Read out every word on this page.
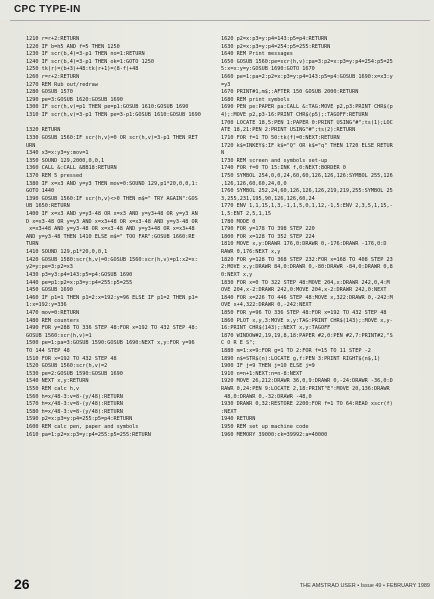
CPC TYPE-IN
1210 r=r+2:RETURN
1220 IF b=h5 AND f=5 THEN 1250
1230 IF scr(b,4)=3-p1 THEN no=1:RETURN
1240 IF scr(b,4)=3-p1 THEN ok=1:GOTO 1250
1250 tk(r)=(b+3)+48:tk(r+1)=(8-f)+48
1260 r=r+2:RETURN
1270 REM Rub out/redraw
1280 GOSUB 1570
1290 pe=3:GOSUB 1620:GOSUB 1690
1300 IF scr(h,v)=p1 THEN pe=p1:GOSUB 1610:GOSUB 1690
1310 IF scr(h,v)=3-p1 THEN pe=3-p1:GOSUB 1610:GOSUB 1690
1320 RETURN
1330 GOSUB 1560:IF scr(h,v)=0 OR scr(h,v)=3-p1 THEN RET
URN
1340 x3=x:y3=y:mov=1
1350 SOUND 129,2000,0,0,1
1360 CALL &:CALL &BB18:RETURN
1370 REM 5 pressed
1380 IF x=x3 AND y=y3 THEN mov=0:SOUND 129,p1*20,0,0,1:
GOTO 1440
1390 GOSUB 1560:IF scr(h,v)<>0 THEN m$=" TRY AGAIN":GOS
UB 1650:RETURN
1400 IF x=x3 AND y=y3-48 OR x=x3 AND y=y3+48 OR y=y3 AN
D x=x3-48 OR y=y3 AND x=x3+48 OR x=x3-48 AND y=y3-48 OR
x=x3+48 AND y=y3-48 OR x=x3-48 AND y=y3+48 OR x=x3+48
AND y=y3-48 THEN 1410 ELSE m$=" TOO FAR":GOSUB 1660:RE
TURN
1410 SOUND 129,p1*20,0,0,1
1420 GOSUB 1580:scr(h,v)=0:GOSUB 1560:scr(h,v)=p1:x2=x:
y2=y:pe=3:p2=x3
1430 p3=y3:p4=143:p5=p4:GOSUB 1690
1440 pe=p1:p2=x:p3=y:p4=255:p5=255
1450 GOSUB 1690
1460 IF p1=1 THEN p1=2:x=192:y=96 ELSE IF p1=2 THEN p1=
1:x=192:y=336
1470 mov=0:RETURN
1480 REM counters
1490 FOR y=288 TO 336 STEP 48:FOR x=192 TO 432 STEP 48:
GOSUB 1560:scr(h,v)=1
1500 pe=1:pa=3:GOSUB 1590:GOSUB 1690:NEXT x,y:FOR y=96
TO 144 STEP 48
1510 FOR x=192 TO 432 STEP 48
1520 GOSUB 1560:scr(h,v)=2
1530 pe=2:GOSUB 1590:GOSUB 1690
1540 NEXT x,y:RETURN
1550 REM calc h,v
1560 h=x/48-3:v=8-(y/48):RETURN
1570 h=x/48-3:v=8-(y/48):RETURN
1580 h=x/48-3:v=8-(y/48):RETURN
1590 p2=x:p3=y:p4=255:p5=p4:RETURN
1600 REM calc pen, paper and symbols
1610 pa=1:p2=x:p3=y:p4=255:p5=255:RETURN
1620 p2=x:p3=y:p4=143:p5=p4:RETURN
1630 p2=x:p3=y:p4=254:p5=255:RETURN
1640 REM Print messages
1650 GOSUB 1560:pe=scr(h,v):pa=3:p2=x:p3=y:p4=254:p5=25
5:x=x:y=y:GOSUB 1690:GOTO 1670
1660 pe=1:pa=2:p2=x:p3=y:p4=143:p5=p4:GOSUB 1690:x=x3:y
=y3
1670 PRINT#1,m$;:AFTER 150 GOSUB 2000:RETURN
1680 REM print symbols
1690 PEN pe:PAPER pa:CALL &:TAG:MOVE p2,p3:PRINT CHR$(p
4);:MOVE p2,p3-16:PRINT CHR$(p5);:TAGOFF:RETURN
1700 LOCATE 18,5:PEN 1:PAPER 0:PRINT USING"#";ts(1);LOC
ATE 18,21:PEN 2:PRINT USING"#";ts(2):RETURN
1710 FOR f=1 TO 50:tk(f)=0:NEXT:RETURN
1720 k$=INKEY$:IF k$="Q" OR k$="q" THEN 1720 ELSE RETUR
N
1730 REM screen and symbols set-up
1740 FOR f=0 TO 15:INK f,0:NEXT:BORDER 0
1750 SYMBOL 254,0,0,24,60,60,126,126,126:SYMBOL 255,126
,126,126,60,60,24,0,0
1760 SYMBOL 252,24,60,126,126,126,219,219,255:SYMBOL 25
3,255,231,195,90,126,126,60,24
1770 ENV 1,1,15,1,3,-1,1,5,0,1,12,-1,5:ENV 2,3,5,1,15,-
1,5:ENT 2,5,1,15
1780 MODE 0
1790 FOR y=178 TO 398 STEP 220
1800 FOR x=128 TO 352 STEP 224
1810 MOVE x,y:DRAWR 176,0:DRAWR 0,-176:DRAWR -176,0:D
RAWR 0,176:NEXT x,y
1820 FOR y=128 TO 368 STEP 232:FOR x=168 TO 408 STEP 23
2:MOVE x,y:DRAWR 84,0:DRAWR 0,-80:DRAWR -84,0:DRAWR 0,8
0:NEXT x,y
1830 FOR x=0 TO 322 STEP 48:MOVE 204,x:DRAWR 242,0,4:M
OVE 204,x-2:DRAWR 242,0:MOVE 204,x-2:DRAWR 242,0:NEXT
1840 FOR x=226 TO 446 STEP 48:MOVE x,322:DRAWR 0,-242:M
OVE x+4,322:DRAWR 0,-242:NEXT
1850 FOR y=96 TO 336 STEP 48:FOR x=192 TO 432 STEP 48
1860 PLOT x,y,3:MOVE x,y:TAG:PRINT CHR$(143);:MOVE x,y-
16:PRINT CHR$(143);:NEXT x,y:TAGOFF
1870 WINDOW#2,19,19,8,18:PAPER #2,0:PEN #2,7:PRINT#2,"S
C O R E S";
1880 m=1:x=9:FOR g=1 TO 2:FOR f=15 TO 11 STEP -2
1890 n$=STR$(n):LOCATE g,f:PEN 3:PRINT RIGHT$(n$,1)
1900 IF j=9 THEN j=10 ELSE j=9
1910 n=n+1:NEXT:n=n-8:NEXT
1920 MOVE 26,212:DRAWR 36,0,9:DRAWR 0,-24:DRAWR -36,0:D
RAWR 0,24:PEN 9:LOCATE 2,18:PRINT"E":MOVE 20,136:DRAWR
48,0:DRAWR 0,-32:DRAWR -48,0
1930 DRAWR 0,32:RESTORE 2200:FOR f=1 TO 64:READ xscr(f)
:NEXT
1940 RETURN
1950 REM set up machine code
1960 MEMORY 39000:ck=39992:a=40000
26	THE AMSTRAD USER • Issue 49 • FEBRUARY 1989
